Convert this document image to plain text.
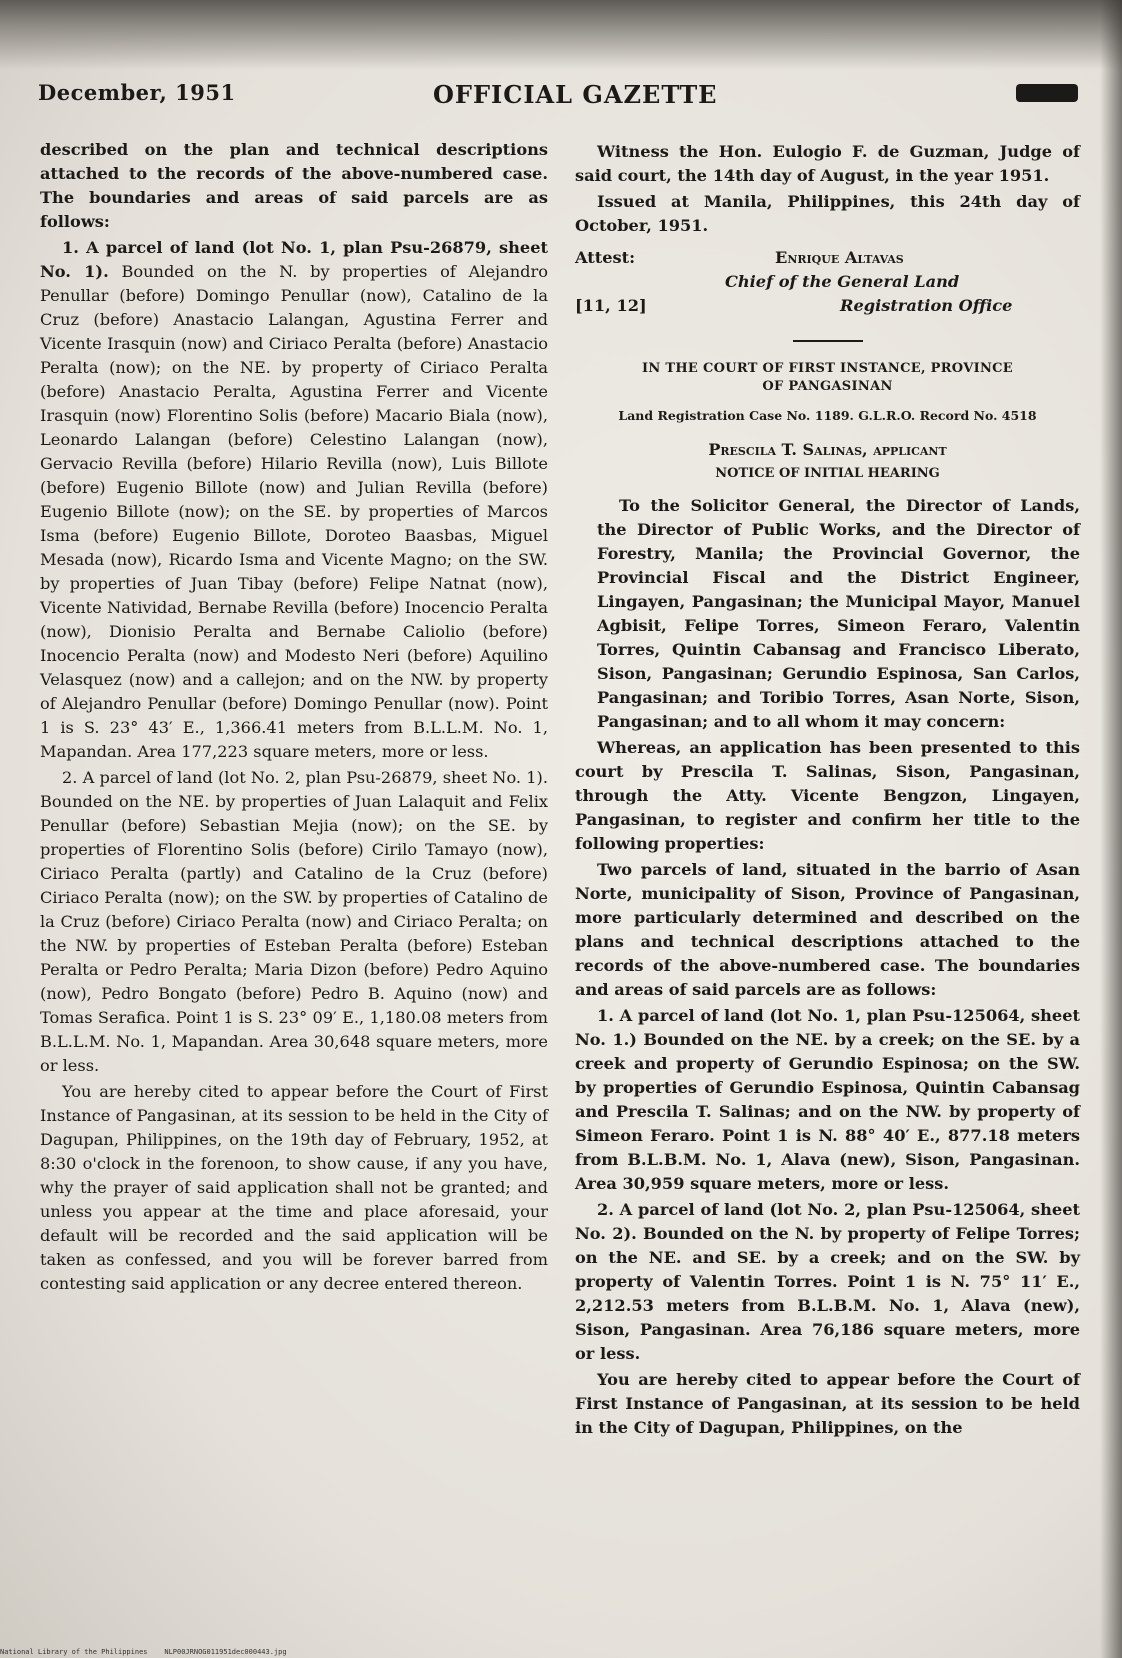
December, 1951	OFFICIAL GAZETTE

described on the plan and technical descriptions attached to the records of the above-numbered case. The boundaries and areas of said parcels are as follows:

1. A parcel of land (lot No. 1, plan Psu-26879, sheet No. 1). Bounded on the N. by properties of Alejandro Penullar (before) Domingo Penullar (now), Catalino de la Cruz (before) Anastacio Lalangan, Agustina Ferrer and Vicente Irasquin (now) and Ciriaco Peralta (before) Anastacio Peralta (now); on the NE. by property of Ciriaco Peralta (before) Anastacio Peralta, Agustina Ferrer and Vicente Irasquin (now) Florentino Solis (before) Macario Biala (now), Leonardo Lalangan (before) Celestino Lalangan (now), Gervacio Revilla (before) Hilario Revilla (now), Luis Billote (before) Eugenio Billote (now) and Julian Revilla (before) Eugenio Billote (now); on the SE. by properties of Marcos Isma (before) Eugenio Billote, Doroteo Baasbas, Miguel Mesada (now), Ricardo Isma and Vicente Magno; on the SW. by properties of Juan Tibay (before) Felipe Natnat (now), Vicente Natividad, Bernabe Revilla (before) Inocencio Peralta (now), Dionisio Peralta and Bernabe Caliolio (before) Inocencio Peralta (now) and Modesto Neri (before) Aquilino Velasquez (now) and a callejon; and on the NW. by property of Alejandro Penullar (before) Domingo Penullar (now). Point 1 is S. 23° 43′ E., 1,366.41 meters from B.L.L.M. No. 1, Mapandan. Area 177,223 square meters, more or less.

2. A parcel of land (lot No. 2, plan Psu-26879, sheet No. 1). Bounded on the NE. by properties of Juan Lalaquit and Felix Penullar (before) Sebastian Mejia (now); on the SE. by properties of Florentino Solis (before) Cirilo Tamayo (now), Ciriaco Peralta (partly) and Catalino de la Cruz (before) Ciriaco Peralta (now); on the SW. by properties of Catalino de la Cruz (before) Ciriaco Peralta (now) and Ciriaco Peralta; on the NW. by properties of Esteban Peralta (before) Esteban Peralta or Pedro Peralta; Maria Dizon (before) Pedro Aquino (now), Pedro Bongato (before) Pedro B. Aquino (now) and Tomas Serafica. Point 1 is S. 23° 09′ E., 1,180.08 meters from B.L.L.M. No. 1, Mapandan. Area 30,648 square meters, more or less.

You are hereby cited to appear before the Court of First Instance of Pangasinan, at its session to be held in the City of Dagupan, Philippines, on the 19th day of February, 1952, at 8:30 o'clock in the forenoon, to show cause, if any you have, why the prayer of said application shall not be granted; and unless you appear at the time and place aforesaid, your default will be recorded and the said application will be taken as confessed, and you will be forever barred from contesting said application or any decree entered thereon.

Witness the Hon. Eulogio F. de Guzman, Judge of said court, the 14th day of August, in the year 1951.

Issued at Manila, Philippines, this 24th day of October, 1951.

Attest:	Enrique Altavas
Chief of the General Land
[11, 12]	Registration Office
IN THE COURT OF FIRST INSTANCE, PROVINCE
OF PANGASINAN
Land Registration Case No. 1189. G.L.R.O. Record No. 4518
Prescila T. Salinas, applicant
NOTICE OF INITIAL HEARING

To the Solicitor General, the Director of Lands, the Director of Public Works, and the Director of Forestry, Manila; the Provincial Governor, the Provincial Fiscal and the District Engineer, Lingayen, Pangasinan; the Municipal Mayor, Manuel Agbisit, Felipe Torres, Simeon Feraro, Valentin Torres, Quintin Cabansag and Francisco Liberato, Sison, Pangasinan; Gerundio Espinosa, San Carlos, Pangasinan; and Toribio Torres, Asan Norte, Sison, Pangasinan; and to all whom it may concern:

Whereas, an application has been presented to this court by Prescila T. Salinas, Sison, Pangasinan, through the Atty. Vicente Bengzon, Lingayen, Pangasinan, to register and confirm her title to the following properties:

Two parcels of land, situated in the barrio of Asan Norte, municipality of Sison, Province of Pangasinan, more particularly determined and described on the plans and technical descriptions attached to the records of the above-numbered case. The boundaries and areas of said parcels are as follows:

1. A parcel of land (lot No. 1, plan Psu-125064, sheet No. 1.) Bounded on the NE. by a creek; on the SE. by a creek and property of Gerundio Espinosa; on the SW. by properties of Gerundio Espinosa, Quintin Cabansag and Prescila T. Salinas; and on the NW. by property of Simeon Feraro. Point 1 is N. 88° 40′ E., 877.18 meters from B.L.B.M. No. 1, Alava (new), Sison, Pangasinan. Area 30,959 square meters, more or less.

2. A parcel of land (lot No. 2, plan Psu-125064, sheet No. 2). Bounded on the N. by property of Felipe Torres; on the NE. and SE. by a creek; and on the SW. by property of Valentin Torres. Point 1 is N. 75° 11′ E., 2,212.53 meters from B.L.B.M. No. 1, Alava (new), Sison, Pangasinan. Area 76,186 square meters, more or less.

You are hereby cited to appear before the Court of First Instance of Pangasinan, at its session to be held in the City of Dagupan, Philippines, on the

National Library of the Philippines    NLP00JRNOG011951dec000443.jpg
